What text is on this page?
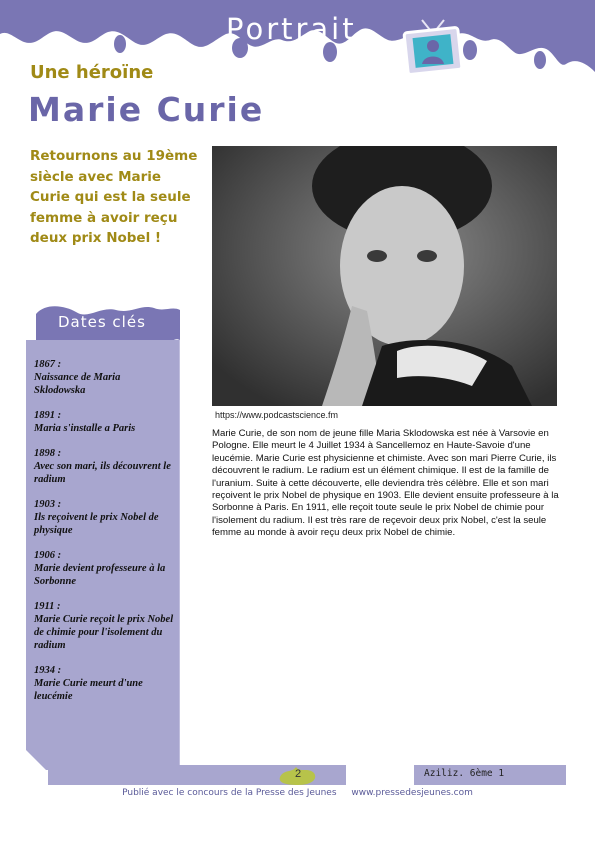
Portrait
Une héroïne
Marie Curie
Retournons au 19ème siècle avec Marie Curie qui est la seule femme à avoir reçu deux prix Nobel !
https://www.podcastscience.fm
Marie Curie, de son nom de jeune fille Maria Sklodowska est née à Varsovie en Pologne. Elle meurt le 4 Juillet 1934 à Sancellemoz en Haute-Savoie d'une leucémie. Marie Curie est physicienne et chimiste. Avec son mari Pierre Curie, ils découvrent le radium. Le radium est un élément chimique. Il est de la famille de l'uranium. Suite à cette découverte, elle deviendra très célèbre. Elle et son mari reçoivent le prix Nobel de physique en 1903. Elle devient ensuite professeure à la Sorbonne à Paris. En 1911, elle reçoit toute seule le prix Nobel de chimie pour l'isolement du radium. Il est très rare de reçevoir deux prix Nobel, c'est la seule femme au monde à avoir reçu deux prix Nobel de chimie.
Dates clés
1867 :
Naissance de Maria Sklodowska
1891 :
Maria s'installe a Paris
1898 :
Avec son mari, ils découvrent le radium
1903 :
Ils reçoivent le prix Nobel de physique
1906 :
Marie devient professeure à la Sorbonne
1911 :
Marie Curie reçoit le prix Nobel de chimie pour l'isolement du radium
1934 :
Marie Curie meurt d'une leucémie
2	Aziliz. 6ème 1
Publié avec le concours de la Presse des Jeunes www.pressedesjeunes.com
